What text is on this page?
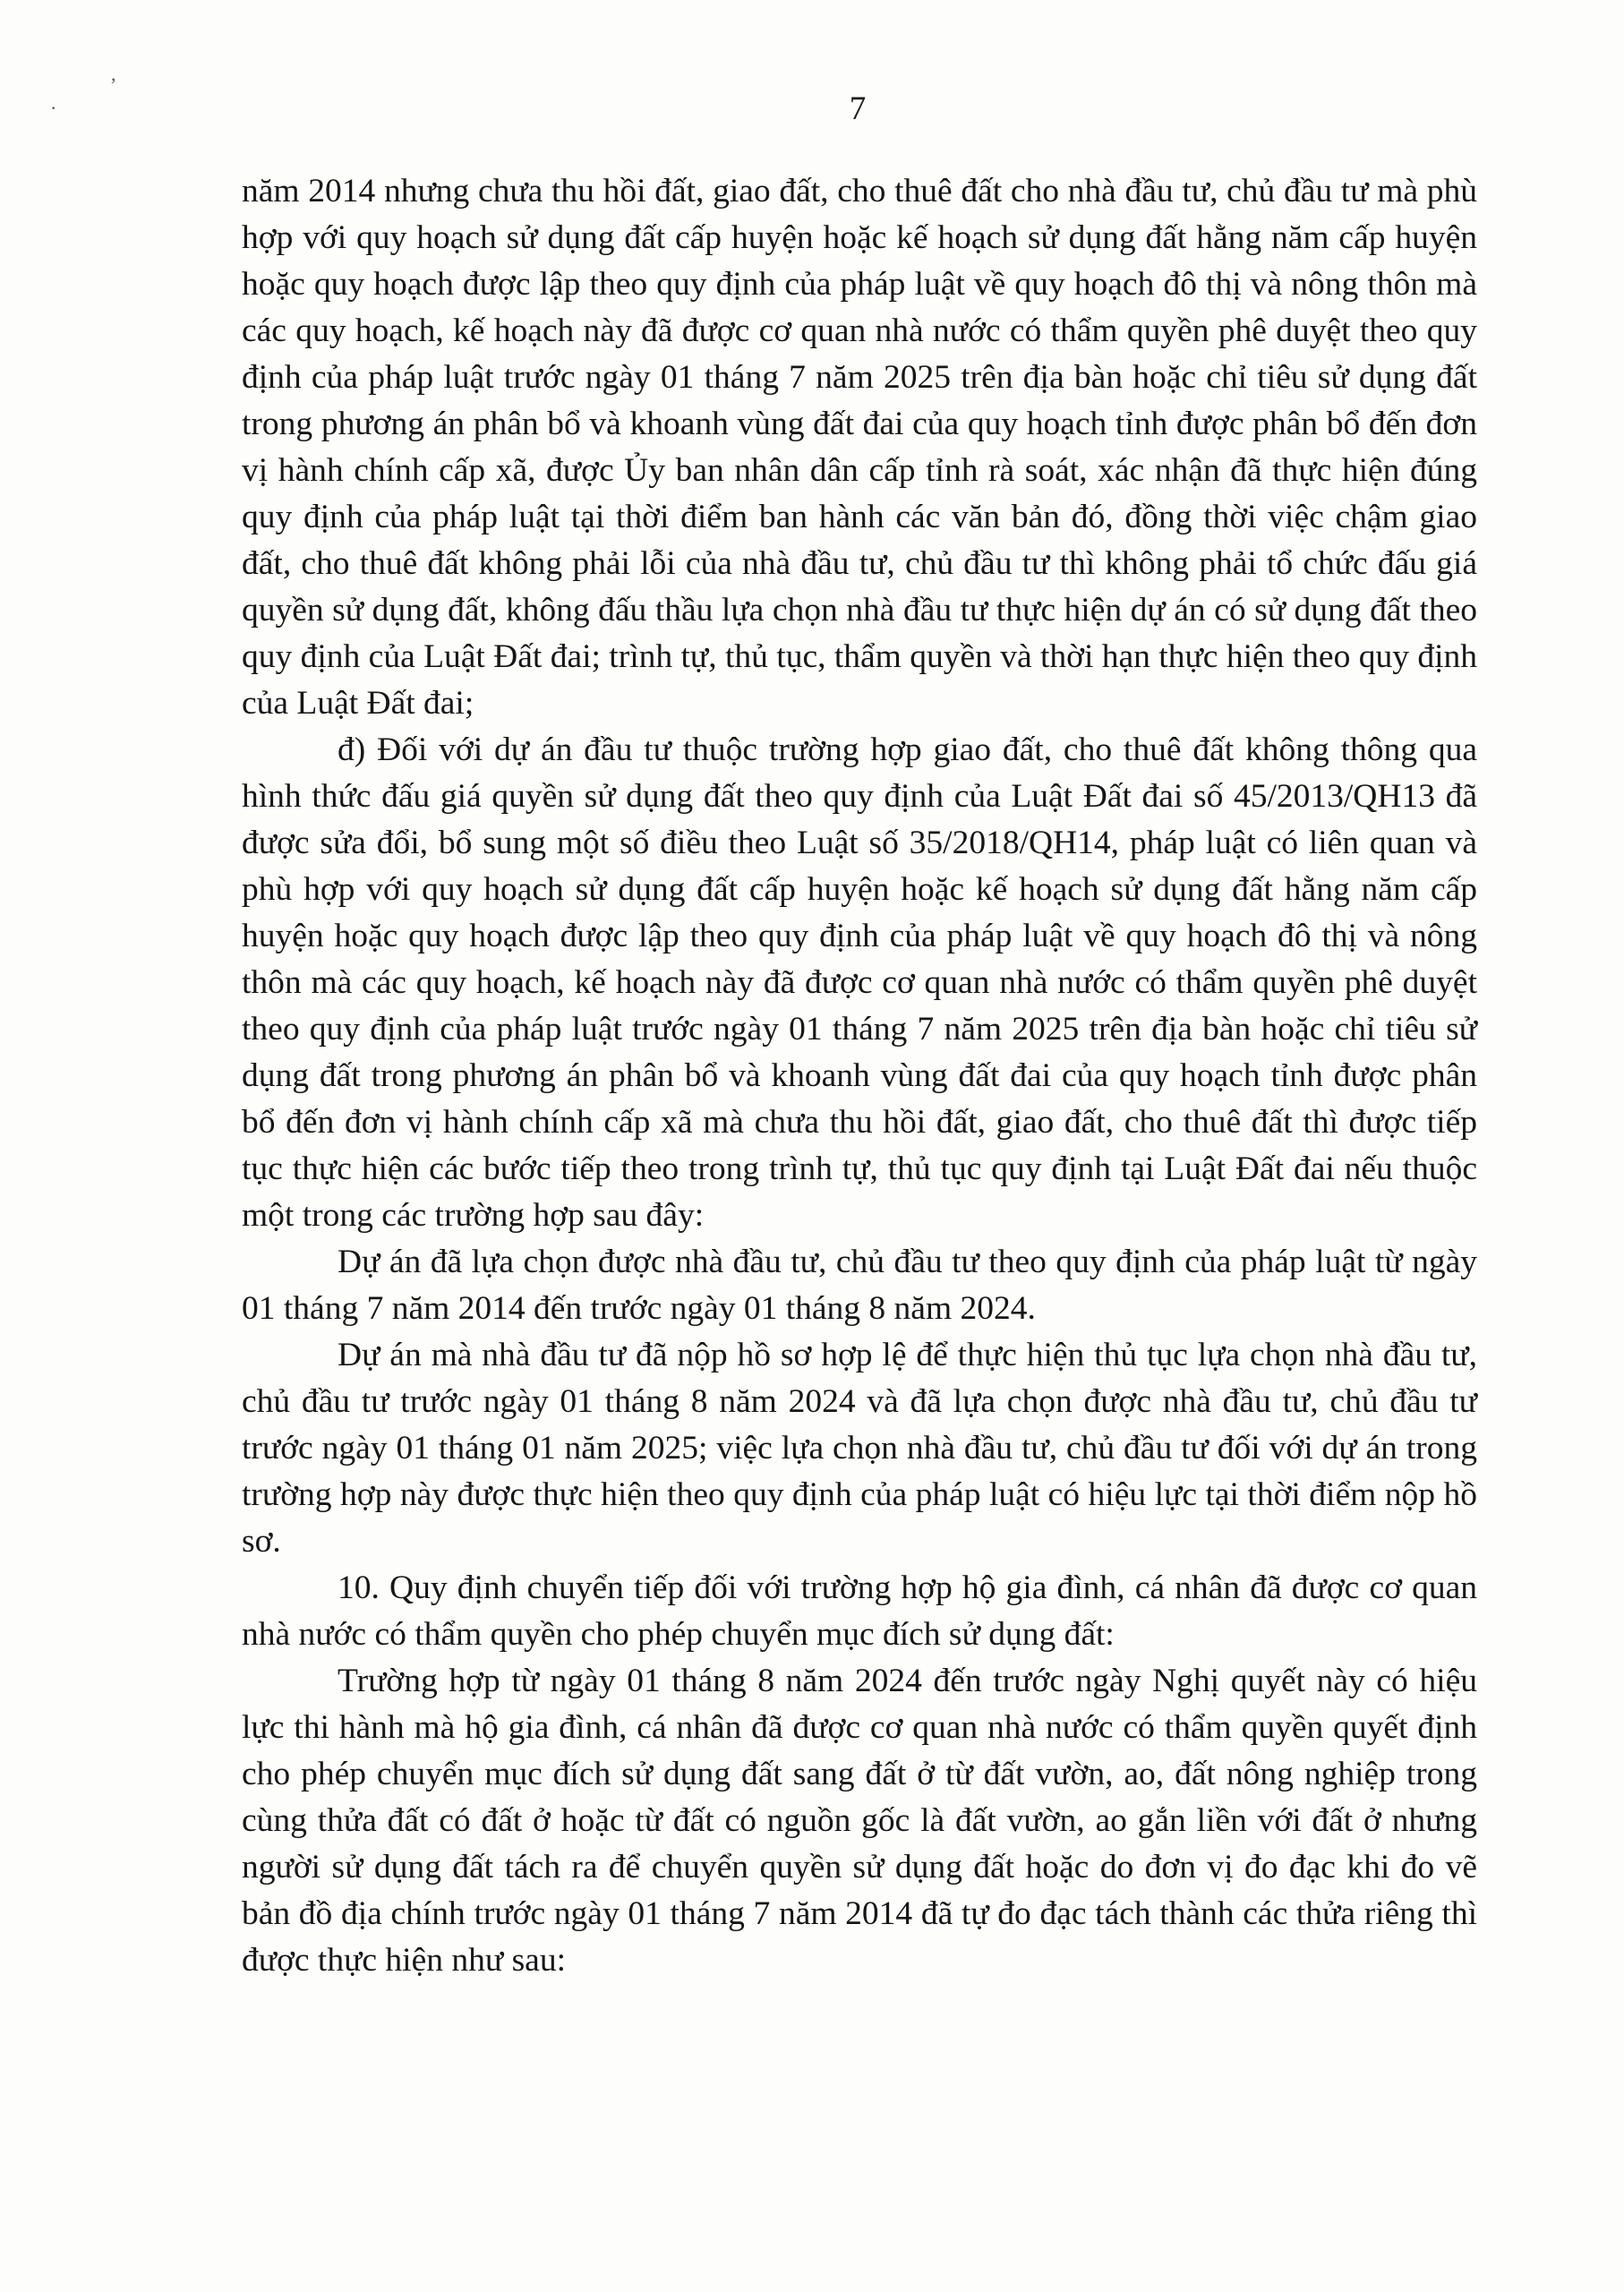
·
,
7

năm 2014 nhưng chưa thu hồi đất, giao đất, cho thuê đất cho nhà đầu tư, chủ đầu tư mà phù hợp với quy hoạch sử dụng đất cấp huyện hoặc kế hoạch sử dụng đất hằng năm cấp huyện hoặc quy hoạch được lập theo quy định của pháp luật về quy hoạch đô thị và nông thôn mà các quy hoạch, kế hoạch này đã được cơ quan nhà nước có thẩm quyền phê duyệt theo quy định của pháp luật trước ngày 01 tháng 7 năm 2025 trên địa bàn hoặc chỉ tiêu sử dụng đất trong phương án phân bổ và khoanh vùng đất đai của quy hoạch tỉnh được phân bổ đến đơn vị hành chính cấp xã, được Ủy ban nhân dân cấp tỉnh rà soát, xác nhận đã thực hiện đúng quy định của pháp luật tại thời điểm ban hành các văn bản đó, đồng thời việc chậm giao đất, cho thuê đất không phải lỗi của nhà đầu tư, chủ đầu tư thì không phải tổ chức đấu giá quyền sử dụng đất, không đấu thầu lựa chọn nhà đầu tư thực hiện dự án có sử dụng đất theo quy định của Luật Đất đai; trình tự, thủ tục, thẩm quyền và thời hạn thực hiện theo quy định của Luật Đất đai;

đ) Đối với dự án đầu tư thuộc trường hợp giao đất, cho thuê đất không thông qua hình thức đấu giá quyền sử dụng đất theo quy định của Luật Đất đai số 45/2013/QH13 đã được sửa đổi, bổ sung một số điều theo Luật số 35/2018/QH14, pháp luật có liên quan và phù hợp với quy hoạch sử dụng đất cấp huyện hoặc kế hoạch sử dụng đất hằng năm cấp huyện hoặc quy hoạch được lập theo quy định của pháp luật về quy hoạch đô thị và nông thôn mà các quy hoạch, kế hoạch này đã được cơ quan nhà nước có thẩm quyền phê duyệt theo quy định của pháp luật trước ngày 01 tháng 7 năm 2025 trên địa bàn hoặc chỉ tiêu sử dụng đất trong phương án phân bổ và khoanh vùng đất đai của quy hoạch tỉnh được phân bổ đến đơn vị hành chính cấp xã mà chưa thu hồi đất, giao đất, cho thuê đất thì được tiếp tục thực hiện các bước tiếp theo trong trình tự, thủ tục quy định tại Luật Đất đai nếu thuộc một trong các trường hợp sau đây:

Dự án đã lựa chọn được nhà đầu tư, chủ đầu tư theo quy định của pháp luật từ ngày 01 tháng 7 năm 2014 đến trước ngày 01 tháng 8 năm 2024.

Dự án mà nhà đầu tư đã nộp hồ sơ hợp lệ để thực hiện thủ tục lựa chọn nhà đầu tư, chủ đầu tư trước ngày 01 tháng 8 năm 2024 và đã lựa chọn được nhà đầu tư, chủ đầu tư trước ngày 01 tháng 01 năm 2025; việc lựa chọn nhà đầu tư, chủ đầu tư đối với dự án trong trường hợp này được thực hiện theo quy định của pháp luật có hiệu lực tại thời điểm nộp hồ sơ.

10. Quy định chuyển tiếp đối với trường hợp hộ gia đình, cá nhân đã được cơ quan nhà nước có thẩm quyền cho phép chuyển mục đích sử dụng đất:

Trường hợp từ ngày 01 tháng 8 năm 2024 đến trước ngày Nghị quyết này có hiệu lực thi hành mà hộ gia đình, cá nhân đã được cơ quan nhà nước có thẩm quyền quyết định cho phép chuyển mục đích sử dụng đất sang đất ở từ đất vườn, ao, đất nông nghiệp trong cùng thửa đất có đất ở hoặc từ đất có nguồn gốc là đất vườn, ao gắn liền với đất ở nhưng người sử dụng đất tách ra để chuyển quyền sử dụng đất hoặc do đơn vị đo đạc khi đo vẽ bản đồ địa chính trước ngày 01 tháng 7 năm 2014 đã tự đo đạc tách thành các thửa riêng thì được thực hiện như sau:
